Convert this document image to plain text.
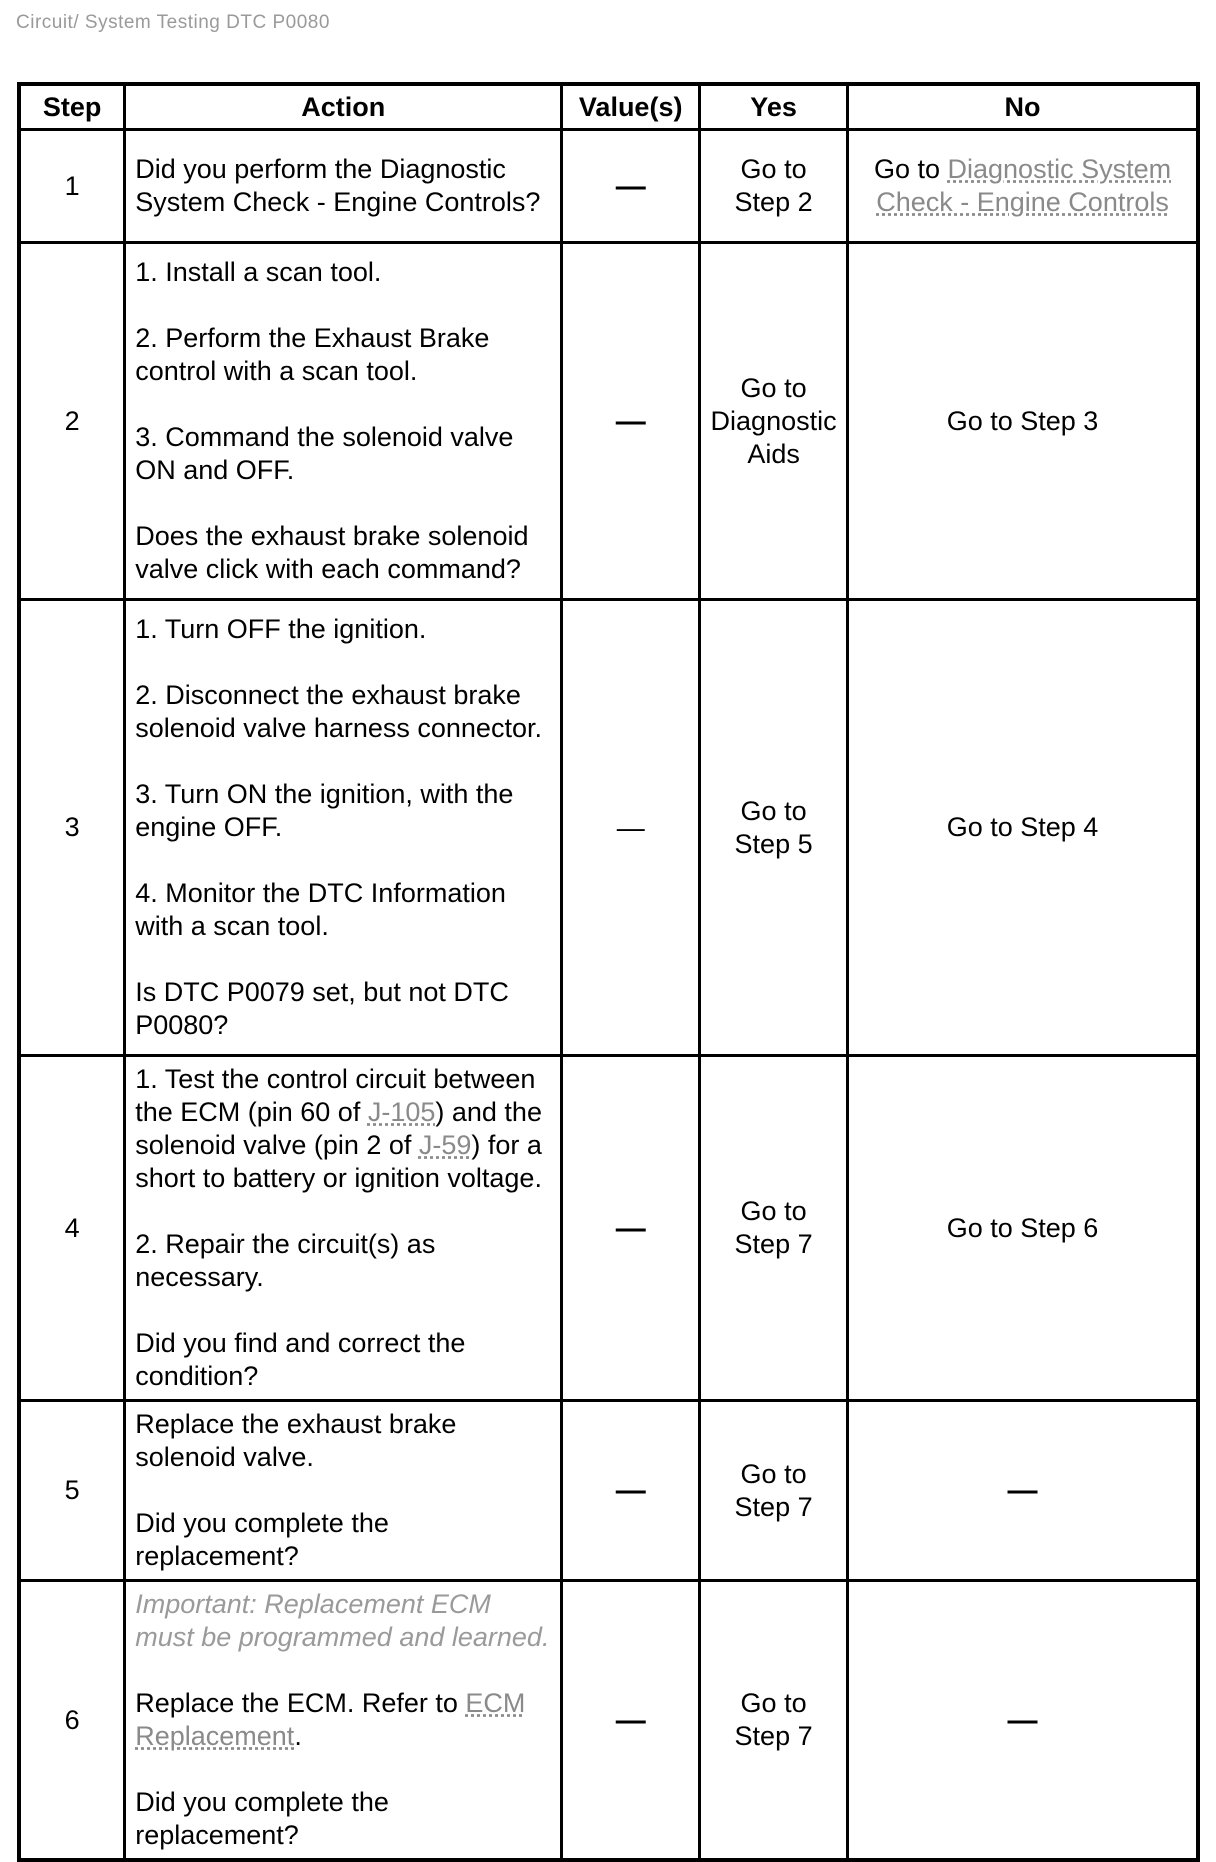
Circuit/ System Testing DTC P0080
Step	Action	Value(s)	Yes	No
1	Did you perform the Diagnostic System Check - Engine Controls?	—	Go to Step 2	Go to Diagnostic System Check - Engine Controls
2	1. Install a scan tool.

2. Perform the Exhaust Brake control with a scan tool.

3. Command the solenoid valve ON and OFF.

Does the exhaust brake solenoid valve click with each command?	—	Go to Diagnostic Aids	Go to Step 3
3	1. Turn OFF the ignition.

2. Disconnect the exhaust brake solenoid valve harness connector.

3. Turn ON the ignition, with the engine OFF.

4. Monitor the DTC Information with a scan tool.

Is DTC P0079 set, but not DTC P0080?	—	Go to Step 5	Go to Step 4
4	1. Test the control circuit between the ECM (pin 60 of J-105) and the solenoid valve (pin 2 of J-59) for a short to battery or ignition voltage.

2. Repair the circuit(s) as necessary.

Did you find and correct the condition?	—	Go to Step 7	Go to Step 6
5	Replace the exhaust brake solenoid valve.

Did you complete the replacement?	—	Go to Step 7	—
6	Important: Replacement ECM must be programmed and learned.

Replace the ECM. Refer to ECM Replacement.

Did you complete the replacement?	—	Go to Step 7	—
